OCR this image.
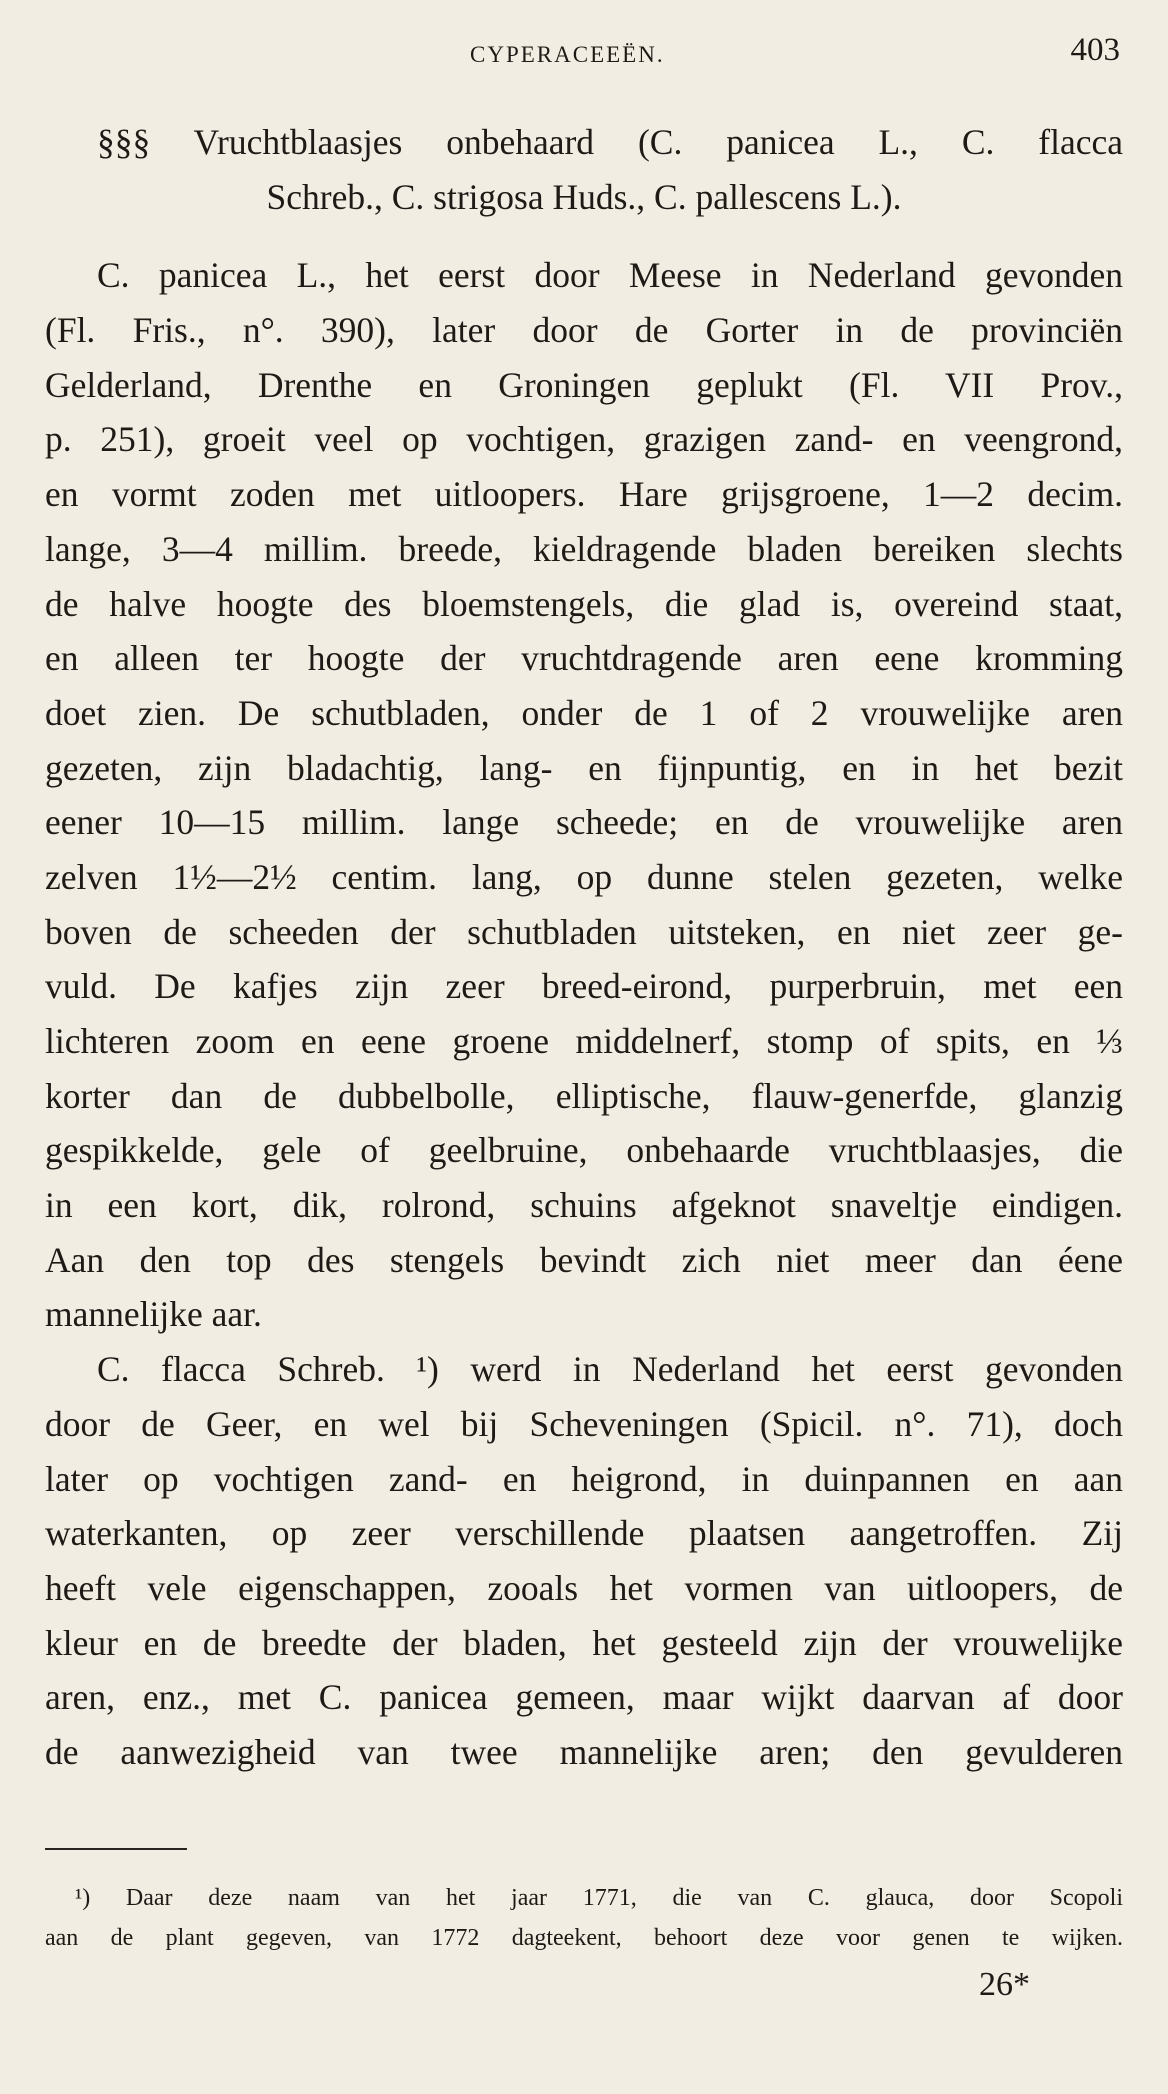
CYPERACEEËN.	403
§§§ Vruchtblaasjes onbehaard (C. panicea L., C. flacca
Schreb., C. strigosa Huds., C. pallescens L.).
C. panicea L., het eerst door Meese in Nederland gevonden
(Fl. Fris., n°. 390), later door de Gorter in de provinciën
Gelderland, Drenthe en Groningen geplukt (Fl. VII Prov.,
p. 251), groeit veel op vochtigen, grazigen zand- en veengrond,
en vormt zoden met uitloopers. Hare grijsgroene, 1—2 decim.
lange, 3—4 millim. breede, kieldragende bladen bereiken slechts
de halve hoogte des bloemstengels, die glad is, overeind staat,
en alleen ter hoogte der vruchtdragende aren eene kromming
doet zien. De schutbladen, onder de 1 of 2 vrouwelijke aren
gezeten, zijn bladachtig, lang- en fijnpuntig, en in het bezit
eener 10—15 millim. lange scheede; en de vrouwelijke aren
zelven 1½—2½ centim. lang, op dunne stelen gezeten, welke
boven de scheeden der schutbladen uitsteken, en niet zeer ge-
vuld. De kafjes zijn zeer breed-eirond, purperbruin, met een
lichteren zoom en eene groene middelnerf, stomp of spits, en ⅓
korter dan de dubbelbolle, elliptische, flauw-generfde, glanzig
gespikkelde, gele of geelbruine, onbehaarde vruchtblaasjes, die
in een kort, dik, rolrond, schuins afgeknot snaveltje eindigen.
Aan den top des stengels bevindt zich niet meer dan éene
mannelijke aar.
C. flacca Schreb. ¹) werd in Nederland het eerst gevonden
door de Geer, en wel bij Scheveningen (Spicil. n°. 71), doch
later op vochtigen zand- en heigrond, in duinpannen en aan
waterkanten, op zeer verschillende plaatsen aangetroffen. Zij
heeft vele eigenschappen, zooals het vormen van uitloopers, de
kleur en de breedte der bladen, het gesteeld zijn der vrouwelijke
aren, enz., met C. panicea gemeen, maar wijkt daarvan af door
de aanwezigheid van twee mannelijke aren; den gevulderen
¹) Daar deze naam van het jaar 1771, die van C. glauca, door Scopoli
aan de plant gegeven, van 1772 dagteekent, behoort deze voor genen te wijken.
26*
